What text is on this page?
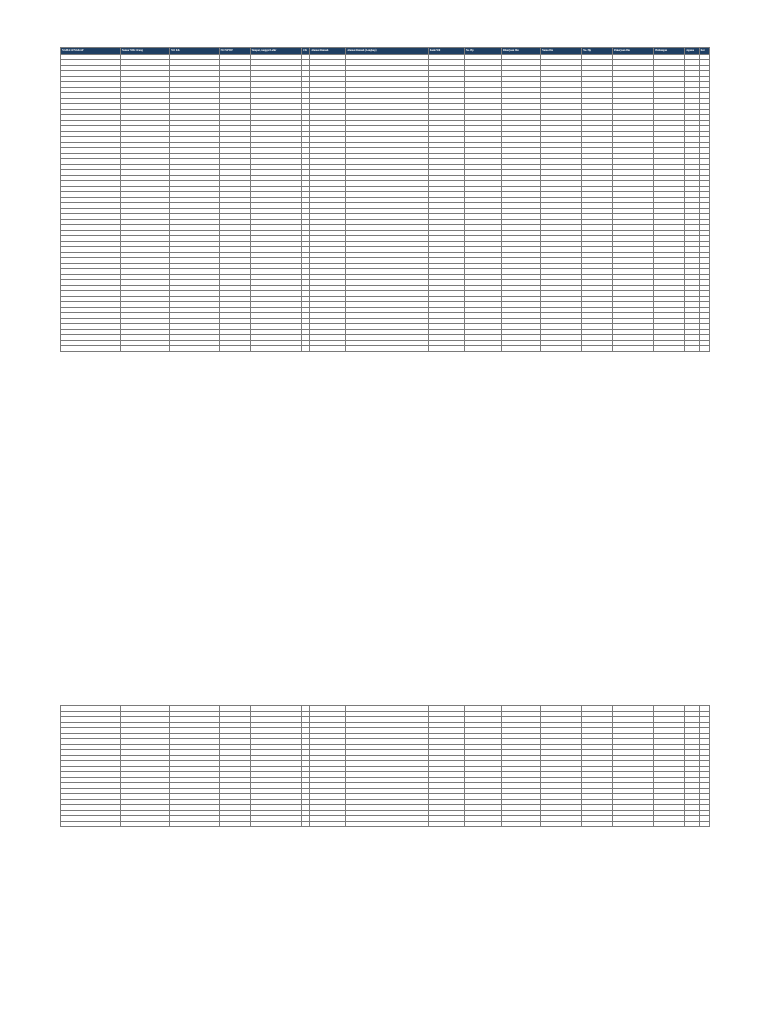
NAMA LENGKAP	Nomor NIK Orang	NO KK	NO NPWP	Tempat, tanggal Lahir	J/K	Alamat Rumah	Alamat Rumah (Lengkap)	Kode Wil	No. Hp	Pekerjaan Ibu	Nama Ibu	No. Hp	Pekerjaan Ibu	Hubungan	Agama	Ket
